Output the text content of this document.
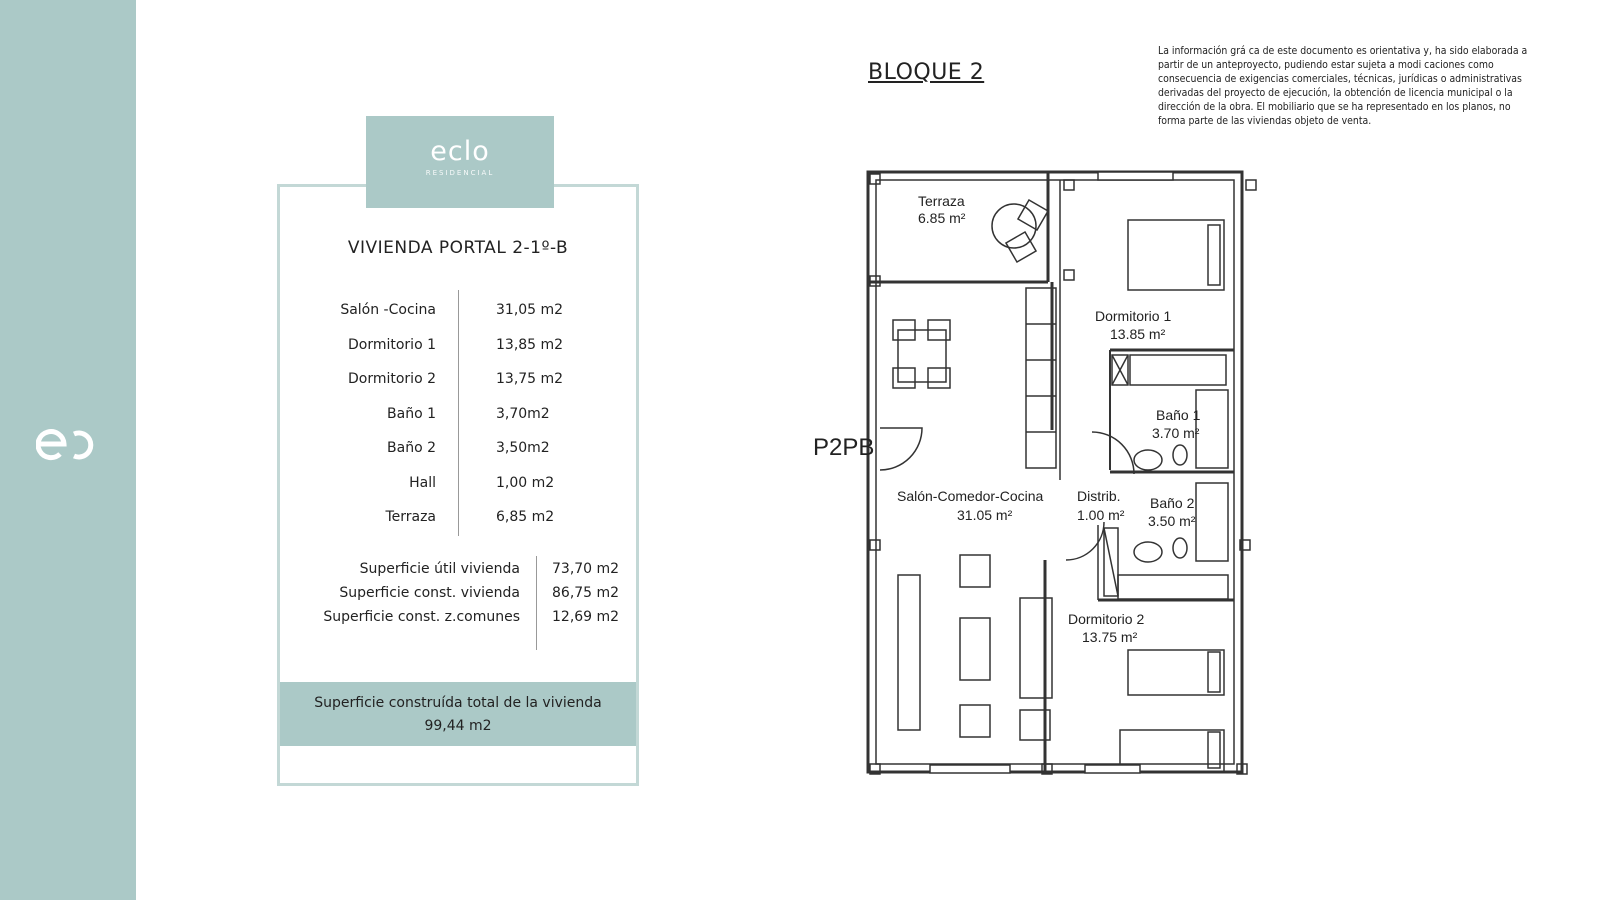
eclo
RESIDENCIAL
VIVIENDA PORTAL 2-1º-B
Salón -Cocina	31,05 m2
Dormitorio 1	13,85 m2
Dormitorio 2	13,75 m2
Baño 1	3,70m2
Baño 2	3,50m2
Hall	1,00 m2
Terraza	6,85 m2
Superficie útil vivienda	73,70 m2
Superficie const. vivienda	86,75 m2
Superficie const. z.comunes	12,69 m2
Superficie construída total de la vivienda
99,44 m2
BLOQUE 2
La información grá ca de este documento es orientativa y, ha sido elaborada a partir de un anteproyecto, pudiendo estar sujeta a modi caciones como consecuencia de exigencias comerciales, técnicas, jurídicas o administrativas derivadas del proyecto de ejecución, la obtención de licencia municipal o la dirección de la obra. El mobiliario que se ha representado en los planos, no forma parte de las viviendas objeto de venta.
Terraza
6.85 m²
Dormitorio 1
13.85 m²
Baño 1
3.70 m²
Salón-Comedor-Cocina
31.05 m²
Distrib.
1.00 m²
Baño 2
3.50 m²
Dormitorio 2
13.75 m²
P2PB
